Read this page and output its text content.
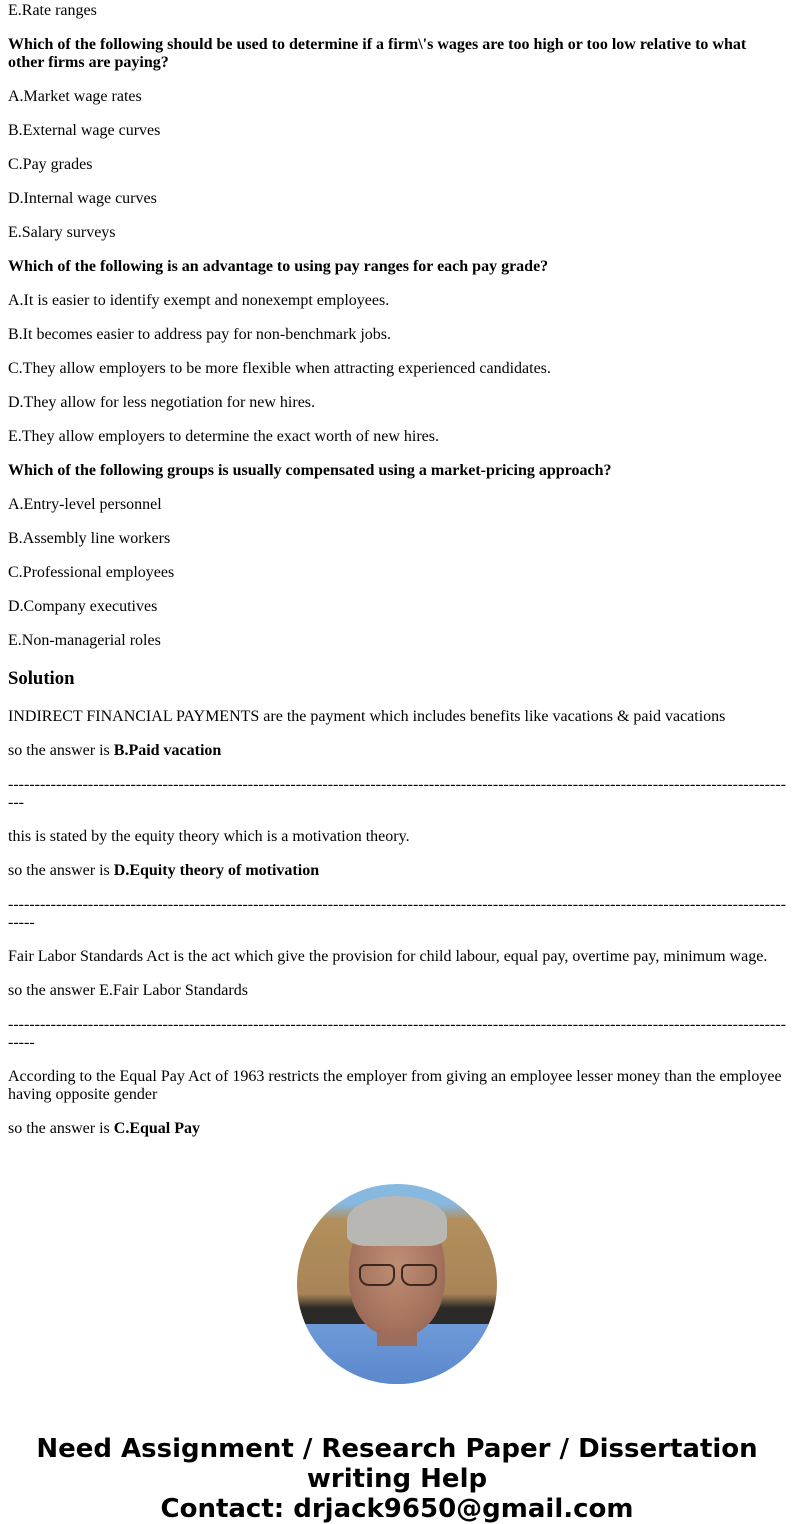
E.Rate ranges

Which of the following should be used to determine if a firm\'s wages are too high or too low relative to what other firms are paying?

A.Market wage rates

B.External wage curves

C.Pay grades

D.Internal wage curves

E.Salary surveys

Which of the following is an advantage to using pay ranges for each pay grade?

A.It is easier to identify exempt and nonexempt employees.

B.It becomes easier to address pay for non-benchmark jobs.

C.They allow employers to be more flexible when attracting experienced candidates.

D.They allow for less negotiation for new hires.

E.They allow employers to determine the exact worth of new hires.

Which of the following groups is usually compensated using a market-pricing approach?

A.Entry-level personnel

B.Assembly line workers

C.Professional employees

D.Company executives

E.Non-managerial roles

Solution

INDIRECT FINANCIAL PAYMENTS are the payment which includes benefits like vacations & paid vacations

so the answer is B.Paid vacation

-----------------------------------------------------------------------------------------------------------------------------------------------------

this is stated by the equity theory which is a motivation theory.

so the answer is D.Equity theory of motivation

-------------------------------------------------------------------------------------------------------------------------------------------------------

Fair Labor Standards Act is the act which give the provision for child labour, equal pay, overtime pay, minimum wage.

so the answer E.Fair Labor Standards

-------------------------------------------------------------------------------------------------------------------------------------------------------

According to the Equal Pay Act of 1963 restricts the employer from giving an employee lesser money than the employee having opposite gender

so the answer is C.Equal Pay

Need Assignment / Research Paper / Dissertation writing Help
Contact: drjack9650@gmail.com
